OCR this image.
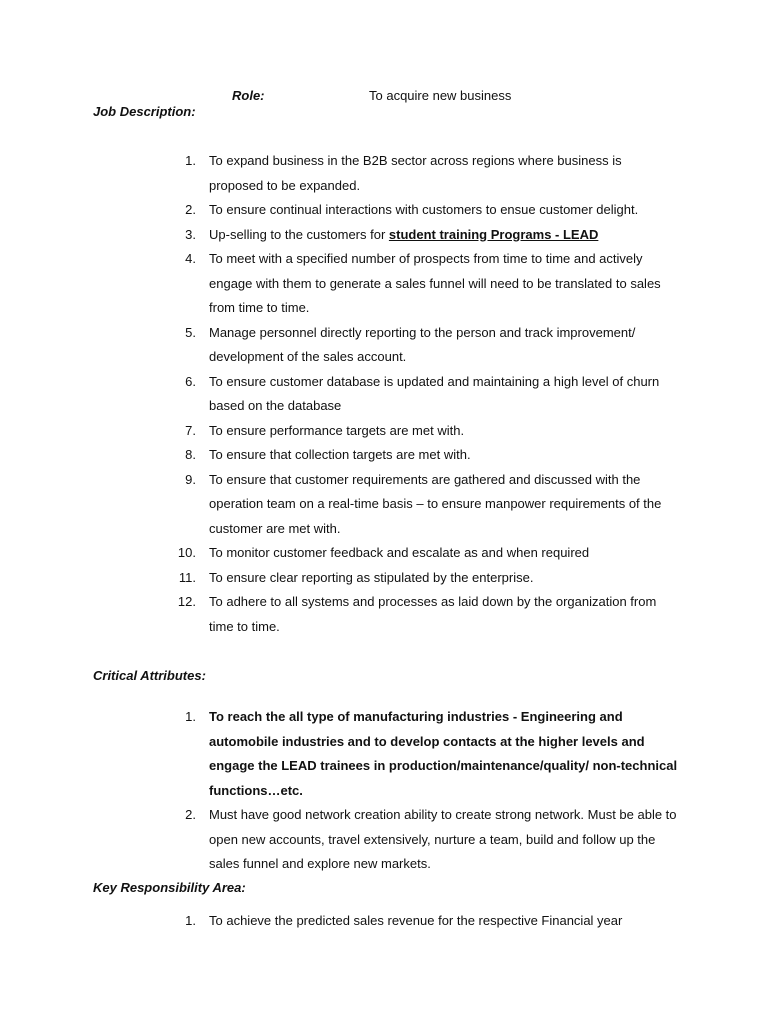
Role:	To acquire new business
Job Description:
1. To expand business in the B2B sector across regions where business is proposed to be expanded.
2. To ensure continual interactions with customers to ensue customer delight.
3. Up-selling to the customers for student training Programs - LEAD
4. To meet with a specified number of prospects from time to time and actively engage with them to generate a sales funnel will need to be translated to sales from time to time.
5. Manage personnel directly reporting to the person and track improvement/ development of the sales account.
6. To ensure customer database is updated and maintaining a high level of churn based on the database
7. To ensure performance targets are met with.
8. To ensure that collection targets are met with.
9. To ensure that customer requirements are gathered and discussed with the operation team on a real-time basis – to ensure manpower requirements of the customer are met with.
10. To monitor customer feedback and escalate as and when required
11. To ensure clear reporting as stipulated by the enterprise.
12. To adhere to all systems and processes as laid down by the organization from time to time.
Critical Attributes:
1. To reach the all type of manufacturing industries - Engineering and automobile industries and to develop contacts at the higher levels and engage the LEAD trainees in production/maintenance/quality/ non-technical functions…etc.
2. Must have good network creation ability to create strong network. Must be able to open new accounts, travel extensively, nurture a team, build and follow up the sales funnel and explore new markets.
Key Responsibility Area:
1. To achieve the predicted sales revenue for the respective Financial year
